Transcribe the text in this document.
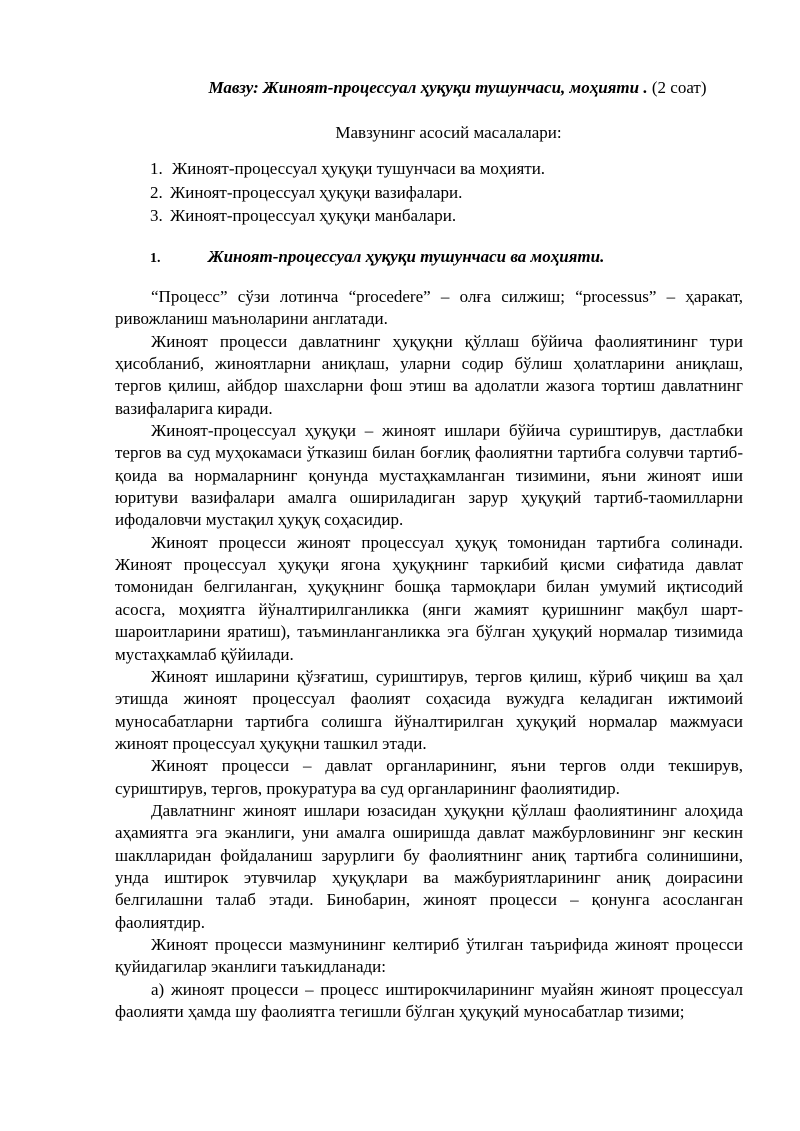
Мавзу: Жиноят-процессуал ҳуқуқи тушунчаси, моҳияти . (2 соат)
Мавзунинг асосий масалалари:
1. Жиноят-процессуал ҳуқуқи тушунчаси ва моҳияти.
2. Жиноят-процессуал ҳуқуқи вазифалари.
3. Жиноят-процессуал ҳуқуқи манбалари.
1.	Жиноят-процессуал ҳуқуқи тушунчаси ва моҳияти.

“Процесс” сўзи лотинча “procedere” – олға силжиш; “processus” – ҳаракат, ривожланиш маъноларини англатади.

Жиноят процесси давлатнинг ҳуқуқни қўллаш бўйича фаолиятининг тури ҳисобланиб, жиноятларни аниқлаш, уларни содир бўлиш ҳолатларини аниқлаш, тергов қилиш, айбдор шахсларни фош этиш ва адолатли жазога тортиш давлатнинг вазифаларига киради.

Жиноят-процессуал ҳуқуқи – жиноят ишлари бўйича суриштирув, дастлабки тергов ва суд муҳокамаси ўтказиш билан боғлиқ фаолиятни тартибга солувчи тартиб-қоида ва нормаларнинг қонунда мустаҳкамланган тизимини, яъни жиноят иши юритуви вазифалари амалга ошириладиган зарур ҳуқуқий тартиб-таомилларни ифодаловчи мустақил ҳуқуқ соҳасидир.

Жиноят процесси жиноят процессуал ҳуқуқ томонидан тартибга солинади. Жиноят процессуал ҳуқуқи ягона ҳуқуқнинг таркибий қисми сифатида давлат томонидан белгиланган, ҳуқуқнинг бошқа тармоқлари билан умумий иқтисодий асосга, моҳиятга йўналтирилганликка (янги жамият қуришнинг мақбул шарт-шароитларини яратиш), таъминланганликка эга бўлган ҳуқуқий нормалар тизимида мустаҳкамлаб қўйилади.

Жиноят ишларини қўзғатиш, суриштирув, тергов қилиш, кўриб чиқиш ва ҳал этишда жиноят процессуал фаолият соҳасида вужудга келадиган ижтимоий муносабатларни тартибга солишга йўналтирилган ҳуқуқий нормалар мажмуаси жиноят процессуал ҳуқуқни ташкил этади.

Жиноят процесси – давлат органларининг, яъни тергов олди текширув, суриштирув, тергов, прокуратура ва суд органларининг фаолиятидир.

Давлатнинг жиноят ишлари юзасидан ҳуқуқни қўллаш фаолиятининг алоҳида аҳамиятга эга эканлиги, уни амалга оширишда давлат мажбурловининг энг кескин шаклларидан фойдаланиш зарурлиги бу фаолиятнинг аниқ тартибга солинишини, унда иштирок этувчилар ҳуқуқлари ва мажбуриятларининг аниқ доирасини белгилашни талаб этади. Бинобарин, жиноят процесси – қонунга асосланган фаолиятдир.

Жиноят процесси мазмунининг келтириб ўтилган таърифида жиноят процесси қуйидагилар эканлиги таъкидланади:

а) жиноят процесси – процесс иштирокчиларининг муайян жиноят процессуал фаолияти ҳамда шу фаолиятга тегишли бўлган ҳуқуқий муносабатлар тизими;
